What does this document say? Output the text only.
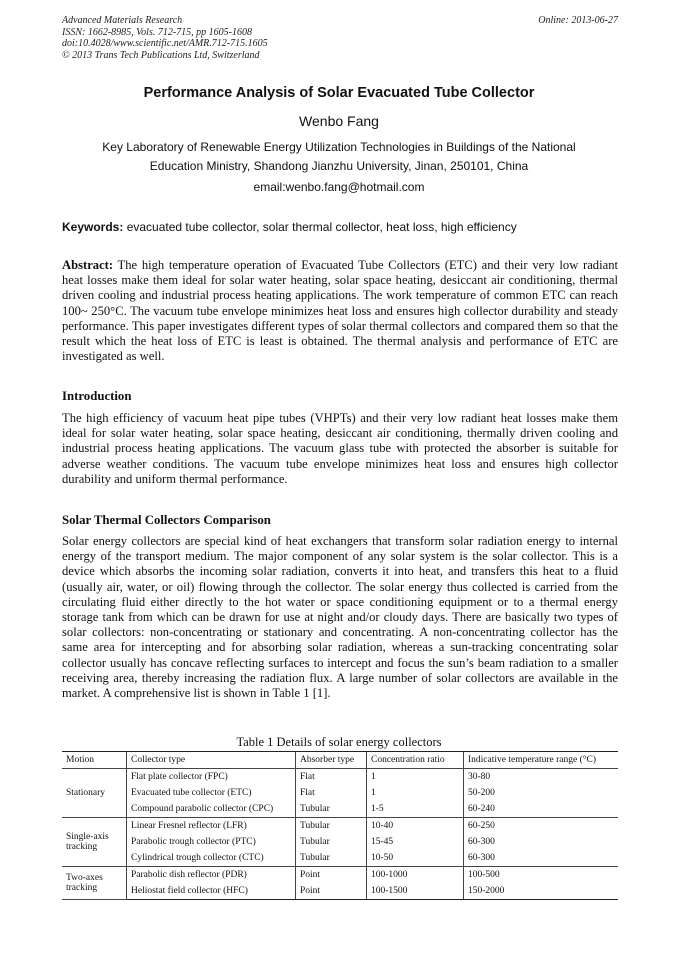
Advanced Materials Research
ISSN: 1662-8985, Vols. 712-715, pp 1605-1608
doi:10.4028/www.scientific.net/AMR.712-715.1605
© 2013 Trans Tech Publications Ltd, Switzerland
Online: 2013-06-27
Performance Analysis of Solar Evacuated Tube Collector
Wenbo Fang
Key Laboratory of Renewable Energy Utilization Technologies in Buildings of the National
Education Ministry, Shandong Jianzhu University, Jinan, 250101, China
email:wenbo.fang@hotmail.com
Keywords: evacuated tube collector, solar thermal collector, heat loss, high efficiency
Abstract: The high temperature operation of Evacuated Tube Collectors (ETC) and their very low radiant heat losses make them ideal for solar water heating, solar space heating, desiccant air conditioning, thermal driven cooling and industrial process heating applications. The work temperature of common ETC can reach 100~ 250°C. The vacuum tube envelope minimizes heat loss and ensures high collector durability and steady performance. This paper investigates different types of solar thermal collectors and compared them so that the result which the heat loss of ETC is least is obtained. The thermal analysis and performance of ETC are investigated as well.
Introduction
The high efficiency of vacuum heat pipe tubes (VHPTs) and their very low radiant heat losses make them ideal for solar water heating, solar space heating, desiccant air conditioning, thermally driven cooling and industrial process heating applications. The vacuum glass tube with protected the absorber is suitable for adverse weather conditions. The vacuum tube envelope minimizes heat loss and ensures high collector durability and uniform thermal performance.
Solar Thermal Collectors Comparison
Solar energy collectors are special kind of heat exchangers that transform solar radiation energy to internal energy of the transport medium. The major component of any solar system is the solar collector. This is a device which absorbs the incoming solar radiation, converts it into heat, and transfers this heat to a fluid (usually air, water, or oil) flowing through the collector. The solar energy thus collected is carried from the circulating fluid either directly to the hot water or space conditioning equipment or to a thermal energy storage tank from which can be drawn for use at night and/or cloudy days. There are basically two types of solar collectors: non-concentrating or stationary and concentrating. A non-concentrating collector has the same area for intercepting and for absorbing solar radiation, whereas a sun-tracking concentrating solar collector usually has concave reflecting surfaces to intercept and focus the sun’s beam radiation to a smaller receiving area, thereby increasing the radiation flux. A large number of solar collectors are available in the market. A comprehensive list is shown in Table 1 [1].
Table 1 Details of solar energy collectors
Motion	Collector type	Absorber type	Concentration ratio	Indicative temperature range (°C)

Stationary	Flat plate collector (FPC)	Flat	1	30-80
	Evacuated tube collector (ETC)	Flat	1	50-200
	Compound parabolic collector (CPC)	Tubular	1-5	60-240

Single-axis
tracking	Linear Fresnel reflector (LFR)	Tubular	10-40	60-250
	Parabolic trough collector (PTC)	Tubular	15-45	60-300
	Cylindrical trough collector (CTC)	Tubular	10-50	60-300

Two-axes
tracking	Parabolic dish reflector (PDR)	Point	100-1000	100-500
	Heliostat field collector (HFC)	Point	100-1500	150-2000
